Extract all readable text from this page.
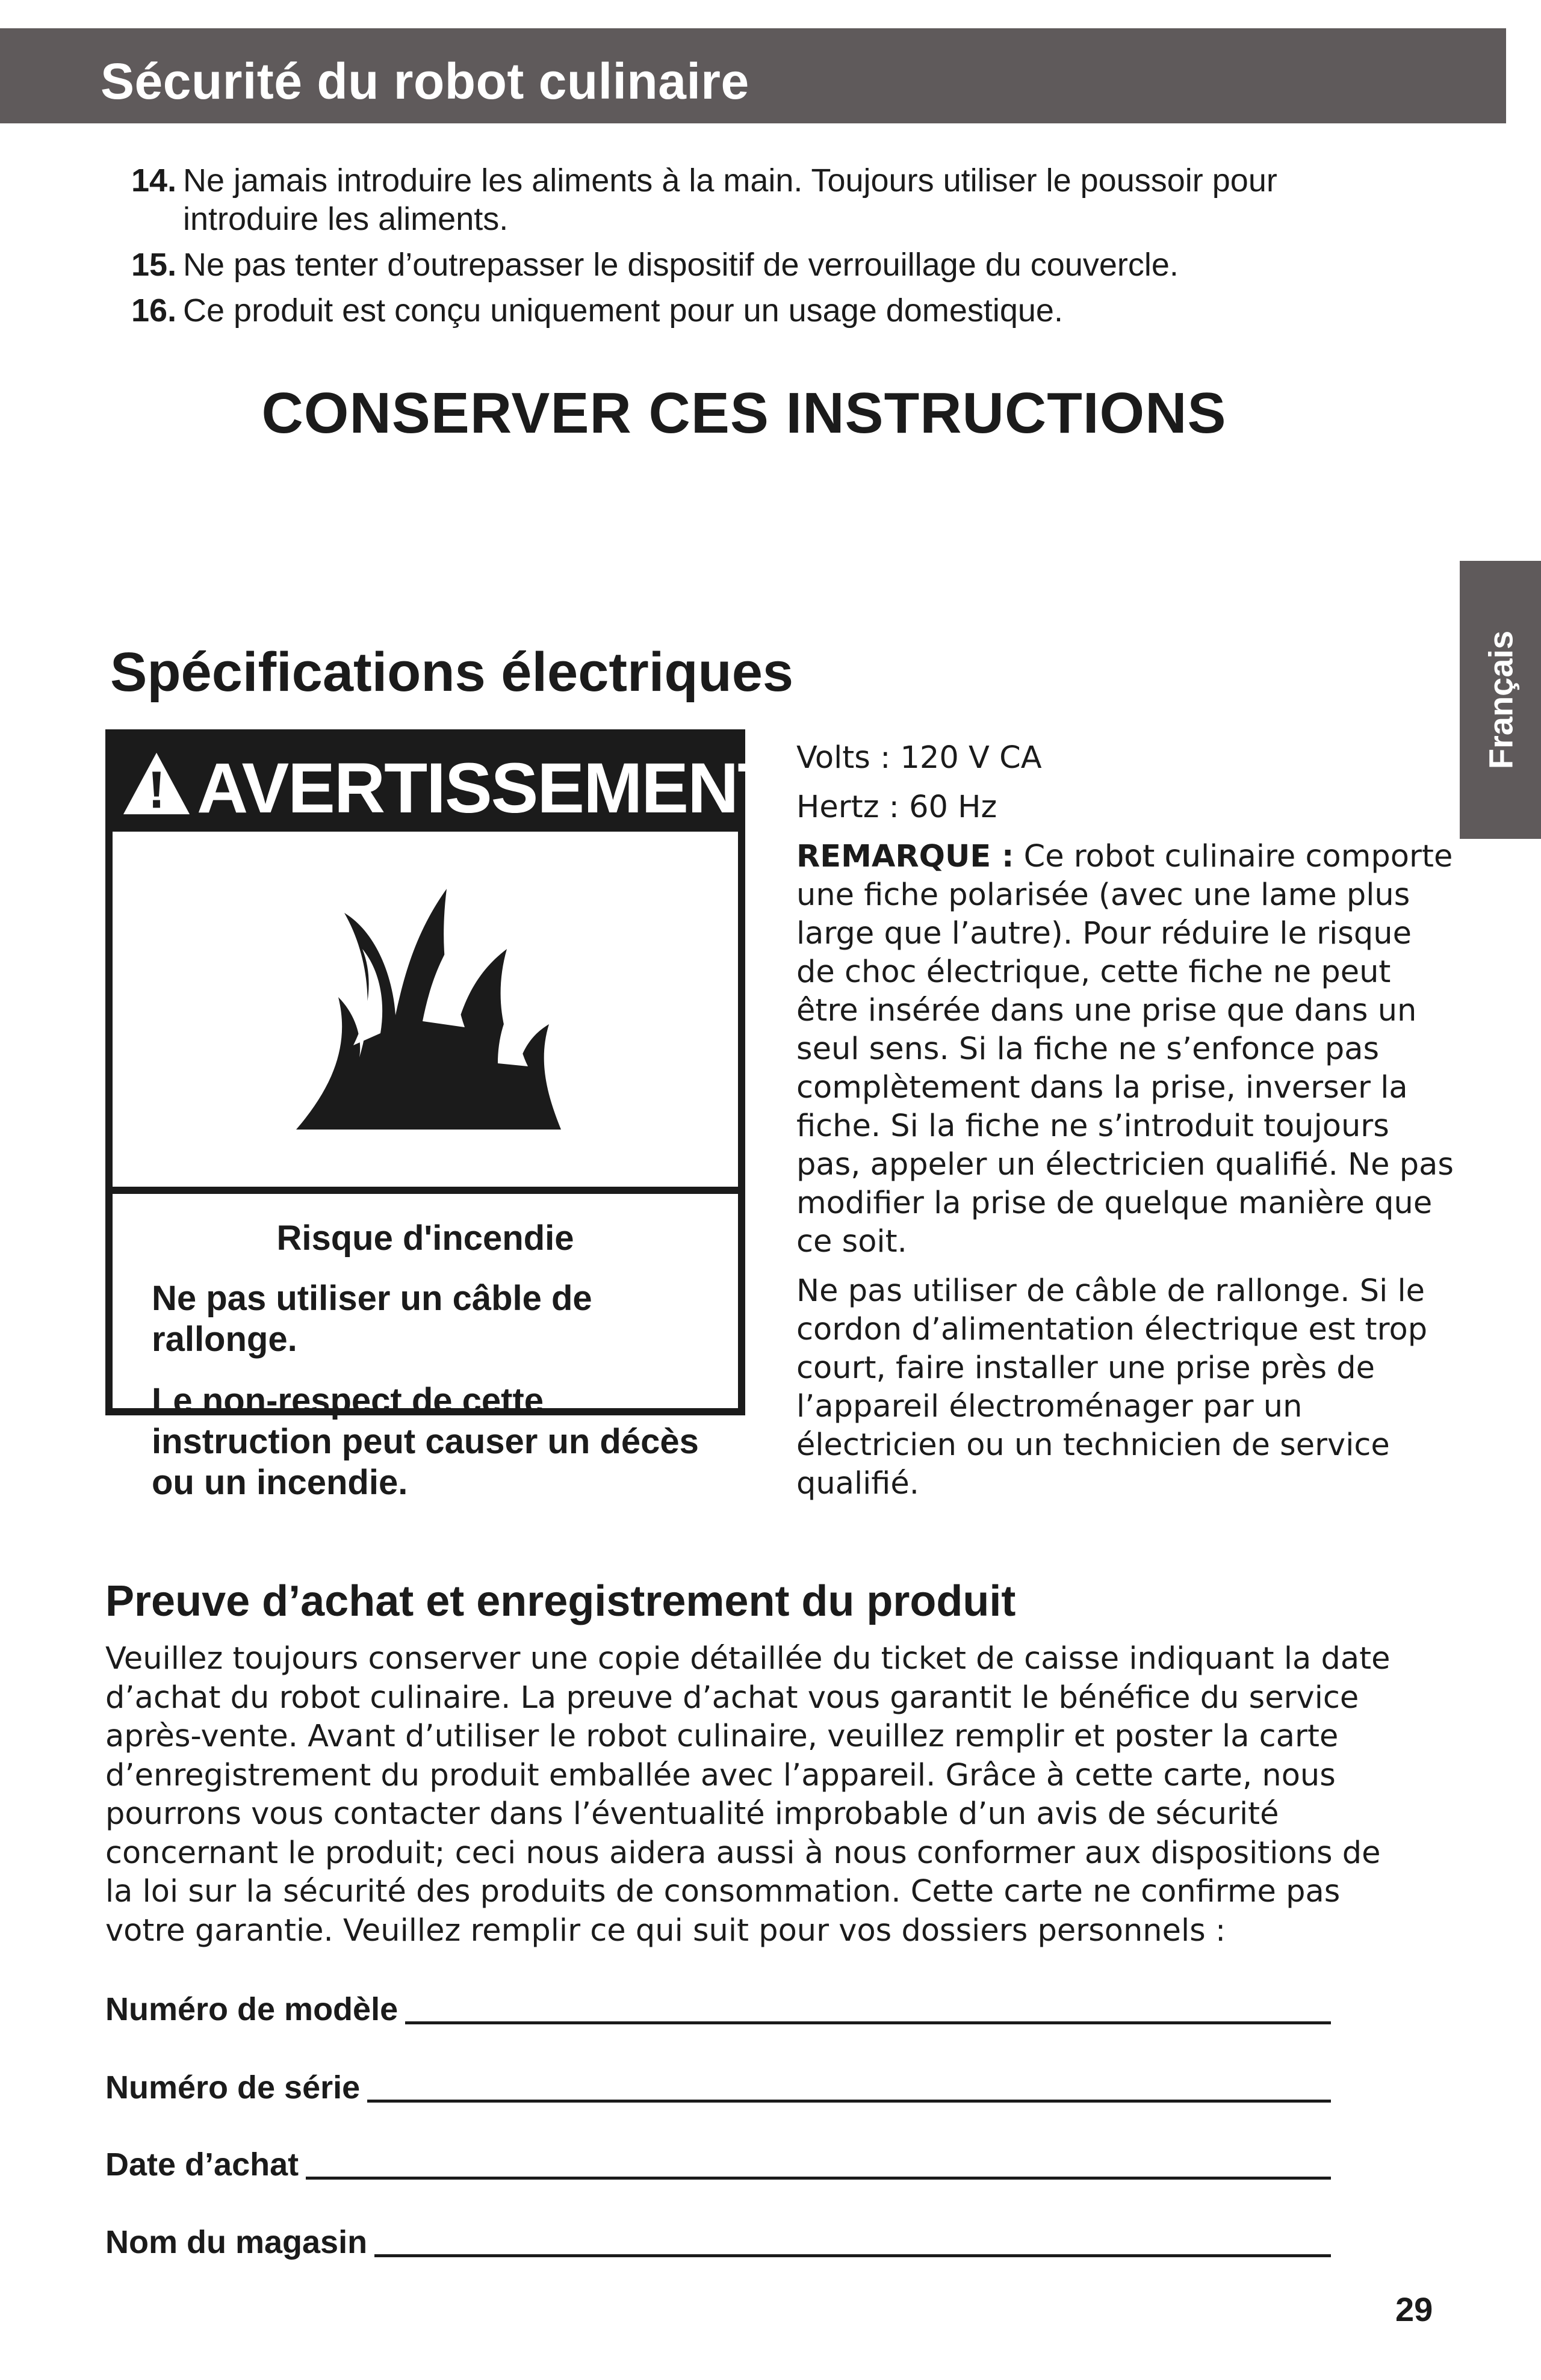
Sécurité du robot culinaire
14. Ne jamais introduire les aliments à la main. Toujours utiliser le poussoir pour introduire les aliments.
15. Ne pas tenter d’outrepasser le dispositif de verrouillage du couvercle.
16. Ce produit est conçu uniquement pour un usage domestique.
CONSERVER CES INSTRUCTIONS
Français
Spécifications électriques
AVERTISSEMENT
Risque d'incendie
Ne pas utiliser un câble de rallonge.
Le non-respect de cette instruction peut causer un décès ou un incendie.

Volts : 120 V CA

Hertz : 60 Hz

REMARQUE : Ce robot culinaire comporte une fiche polarisée (avec une lame plus large que l’autre). Pour réduire le risque de choc électrique, cette fiche ne peut être insérée dans une prise que dans un seul sens. Si la fiche ne s’enfonce pas complètement dans la prise, inverser la fiche. Si la fiche ne s’introduit toujours pas, appeler un électricien qualifié. Ne pas modifier la prise de quelque manière que ce soit.

Ne pas utiliser de câble de rallonge. Si le cordon d’alimentation électrique est trop court, faire installer une prise près de l’appareil électroménager par un électricien ou un technicien de service qualifié.

Preuve d’achat et enregistrement du produit
Veuillez toujours conserver une copie détaillée du ticket de caisse indiquant la date d’achat du robot culinaire. La preuve d’achat vous garantit le bénéfice du service après-vente. Avant d’utiliser le robot culinaire, veuillez remplir et poster la carte d’enregistrement du produit emballée avec l’appareil. Grâce à cette carte, nous pourrons vous contacter dans l’éventualité improbable d’un avis de sécurité concernant le produit; ceci nous aidera aussi à nous conformer aux dispositions de la loi sur la sécurité des produits de consommation. Cette carte ne confirme pas votre garantie. Veuillez remplir ce qui suit pour vos dossiers personnels :
Numéro de modèle
Numéro de série
Date d’achat
Nom du magasin
29
